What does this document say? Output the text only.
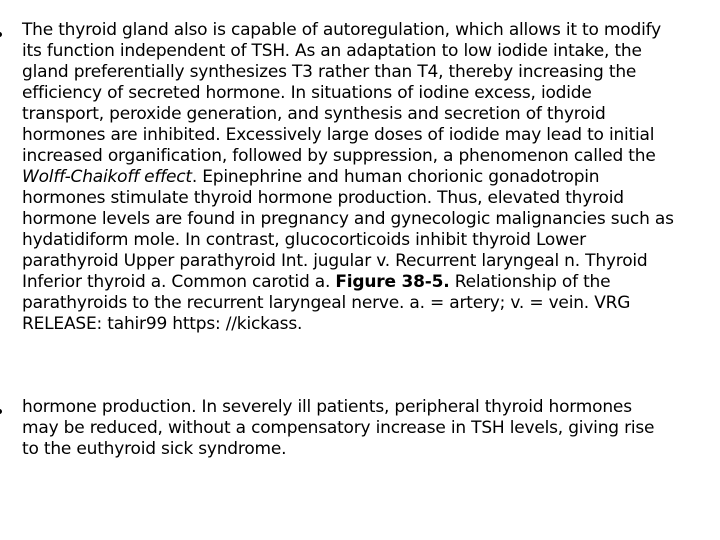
The thyroid gland also is capable of autoregulation, which allows it to modify
its function independent of TSH. As an adaptation to low iodide intake, the
gland preferentially synthesizes T3 rather than T4, thereby increasing the
efficiency of secreted hormone. In situations of iodine excess, iodide
transport, peroxide generation, and synthesis and secretion of thyroid
hormones are inhibited. Excessively large doses of iodide may lead to initial
increased organification, followed by suppression, a phenomenon called the
Wolff-Chaikoff effect. Epinephrine and human chorionic gonadotropin
hormones stimulate thyroid hormone production. Thus, elevated thyroid
hormone levels are found in pregnancy and gynecologic malignancies such as
hydatidiform mole. In contrast, glucocorticoids inhibit thyroid Lower
parathyroid Upper parathyroid Int. jugular v. Recurrent laryngeal n. Thyroid
Inferior thyroid a. Common carotid a. Figure 38-5. Relationship of the
parathyroids to the recurrent laryngeal nerve. a. = artery; v. = vein. VRG
RELEASE: tahir99 https: //kickass.
hormone production. In severely ill patients, peripheral thyroid hormones
may be reduced, without a compensatory increase in TSH levels, giving rise
to the euthyroid sick syndrome.
